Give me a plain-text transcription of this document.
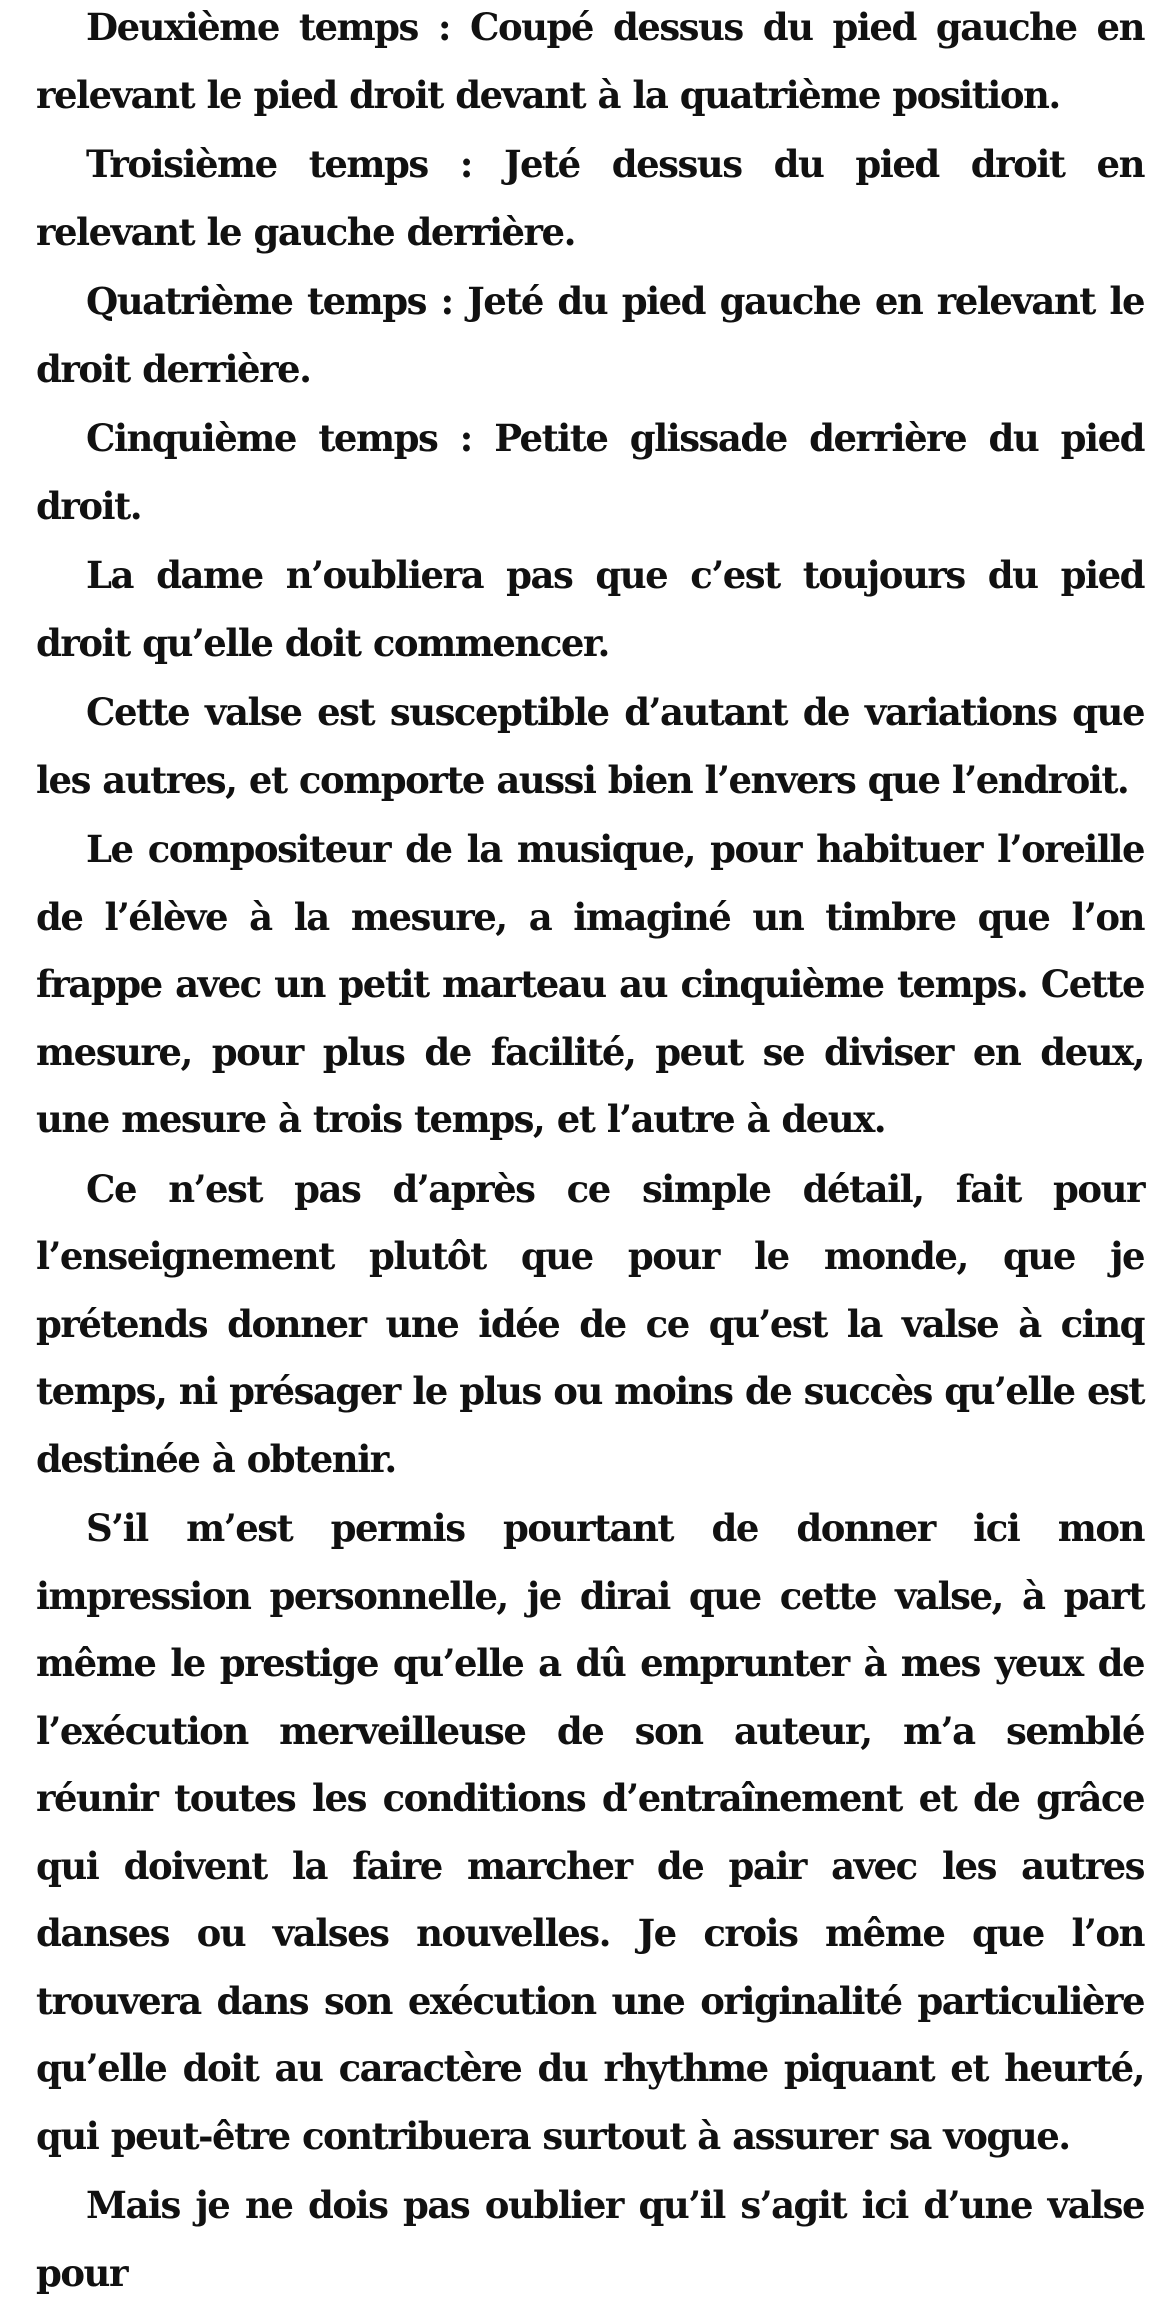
Deuxième temps : Coupé dessus du pied gauche en relevant le pied droit devant à la quatrième position.

Troisième temps : Jeté dessus du pied droit en relevant le gauche derrière.

Quatrième temps : Jeté du pied gauche en relevant le droit derrière.

Cinquième temps : Petite glissade derrière du pied droit.

La dame n’oubliera pas que c’est toujours du pied droit qu’elle doit commencer.

Cette valse est susceptible d’autant de variations que les autres, et comporte aussi bien l’envers que l’endroit.

Le compositeur de la musique, pour habituer l’oreille de l’élève à la mesure, a imaginé un timbre que l’on frappe avec un petit marteau au cinquième temps. Cette mesure, pour plus de facilité, peut se diviser en deux, une mesure à trois temps, et l’autre à deux.

Ce n’est pas d’après ce simple détail, fait pour l’enseignement plutôt que pour le monde, que je prétends donner une idée de ce qu’est la valse à cinq temps, ni présager le plus ou moins de succès qu’elle est destinée à obtenir.

S’il m’est permis pourtant de donner ici mon impression personnelle, je dirai que cette valse, à part même le prestige qu’elle a dû emprunter à mes yeux de l’exécution merveilleuse de son auteur, m’a semblé réunir toutes les conditions d’entraînement et de grâce qui doivent la faire marcher de pair avec les autres danses ou valses nouvelles. Je crois même que l’on trouvera dans son exécution une originalité particulière qu’elle doit au caractère du rhythme piquant et heurté, qui peut-être contribuera surtout à assurer sa vogue.

Mais je ne dois pas oublier qu’il s’agit ici d’une valse pour
